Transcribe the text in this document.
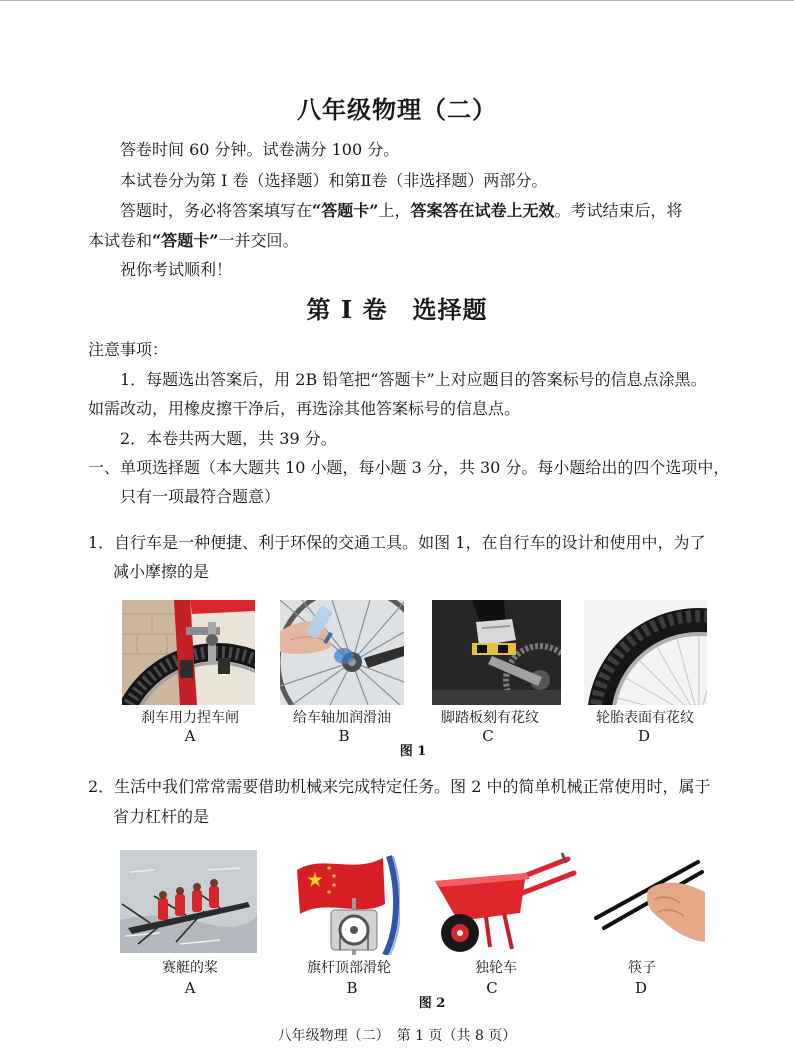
八年级物理（二）
答卷时间 60 分钟。试卷满分 100 分。
本试卷分为第 I 卷（选择题）和第Ⅱ卷（非选择题）两部分。
答题时，务必将答案填写在“答题卡”上，答案答在试卷上无效。考试结束后，将
本试卷和“答题卡”一并交回。
祝你考试顺利！
第 I 卷　选择题
注意事项：
1．每题选出答案后，用 2B 铅笔把“答题卡”上对应题目的答案标号的信息点涂黑。
如需改动，用橡皮擦干净后，再选涂其他答案标号的信息点。
2．本卷共两大题，共 39 分。
一、单项选择题（本大题共 10 小题，每小题 3 分，共 30 分。每小题给出的四个选项中，
只有一项最符合题意）
1．自行车是一种便捷、利于环保的交通工具。如图 1，在自行车的设计和使用中，为了
减小摩擦的是
刹车用力捏车闸	给车轴加润滑油	脚踏板刻有花纹	轮胎表面有花纹
A	B	C	D
图 1
2．生活中我们常常需要借助机械来完成特定任务。图 2 中的简单机械正常使用时，属于
省力杠杆的是
赛艇的桨	旗杆顶部滑轮	独轮车	筷子
A	B	C	D
图 2
八年级物理（二）　第 1 页（共 8 页）
